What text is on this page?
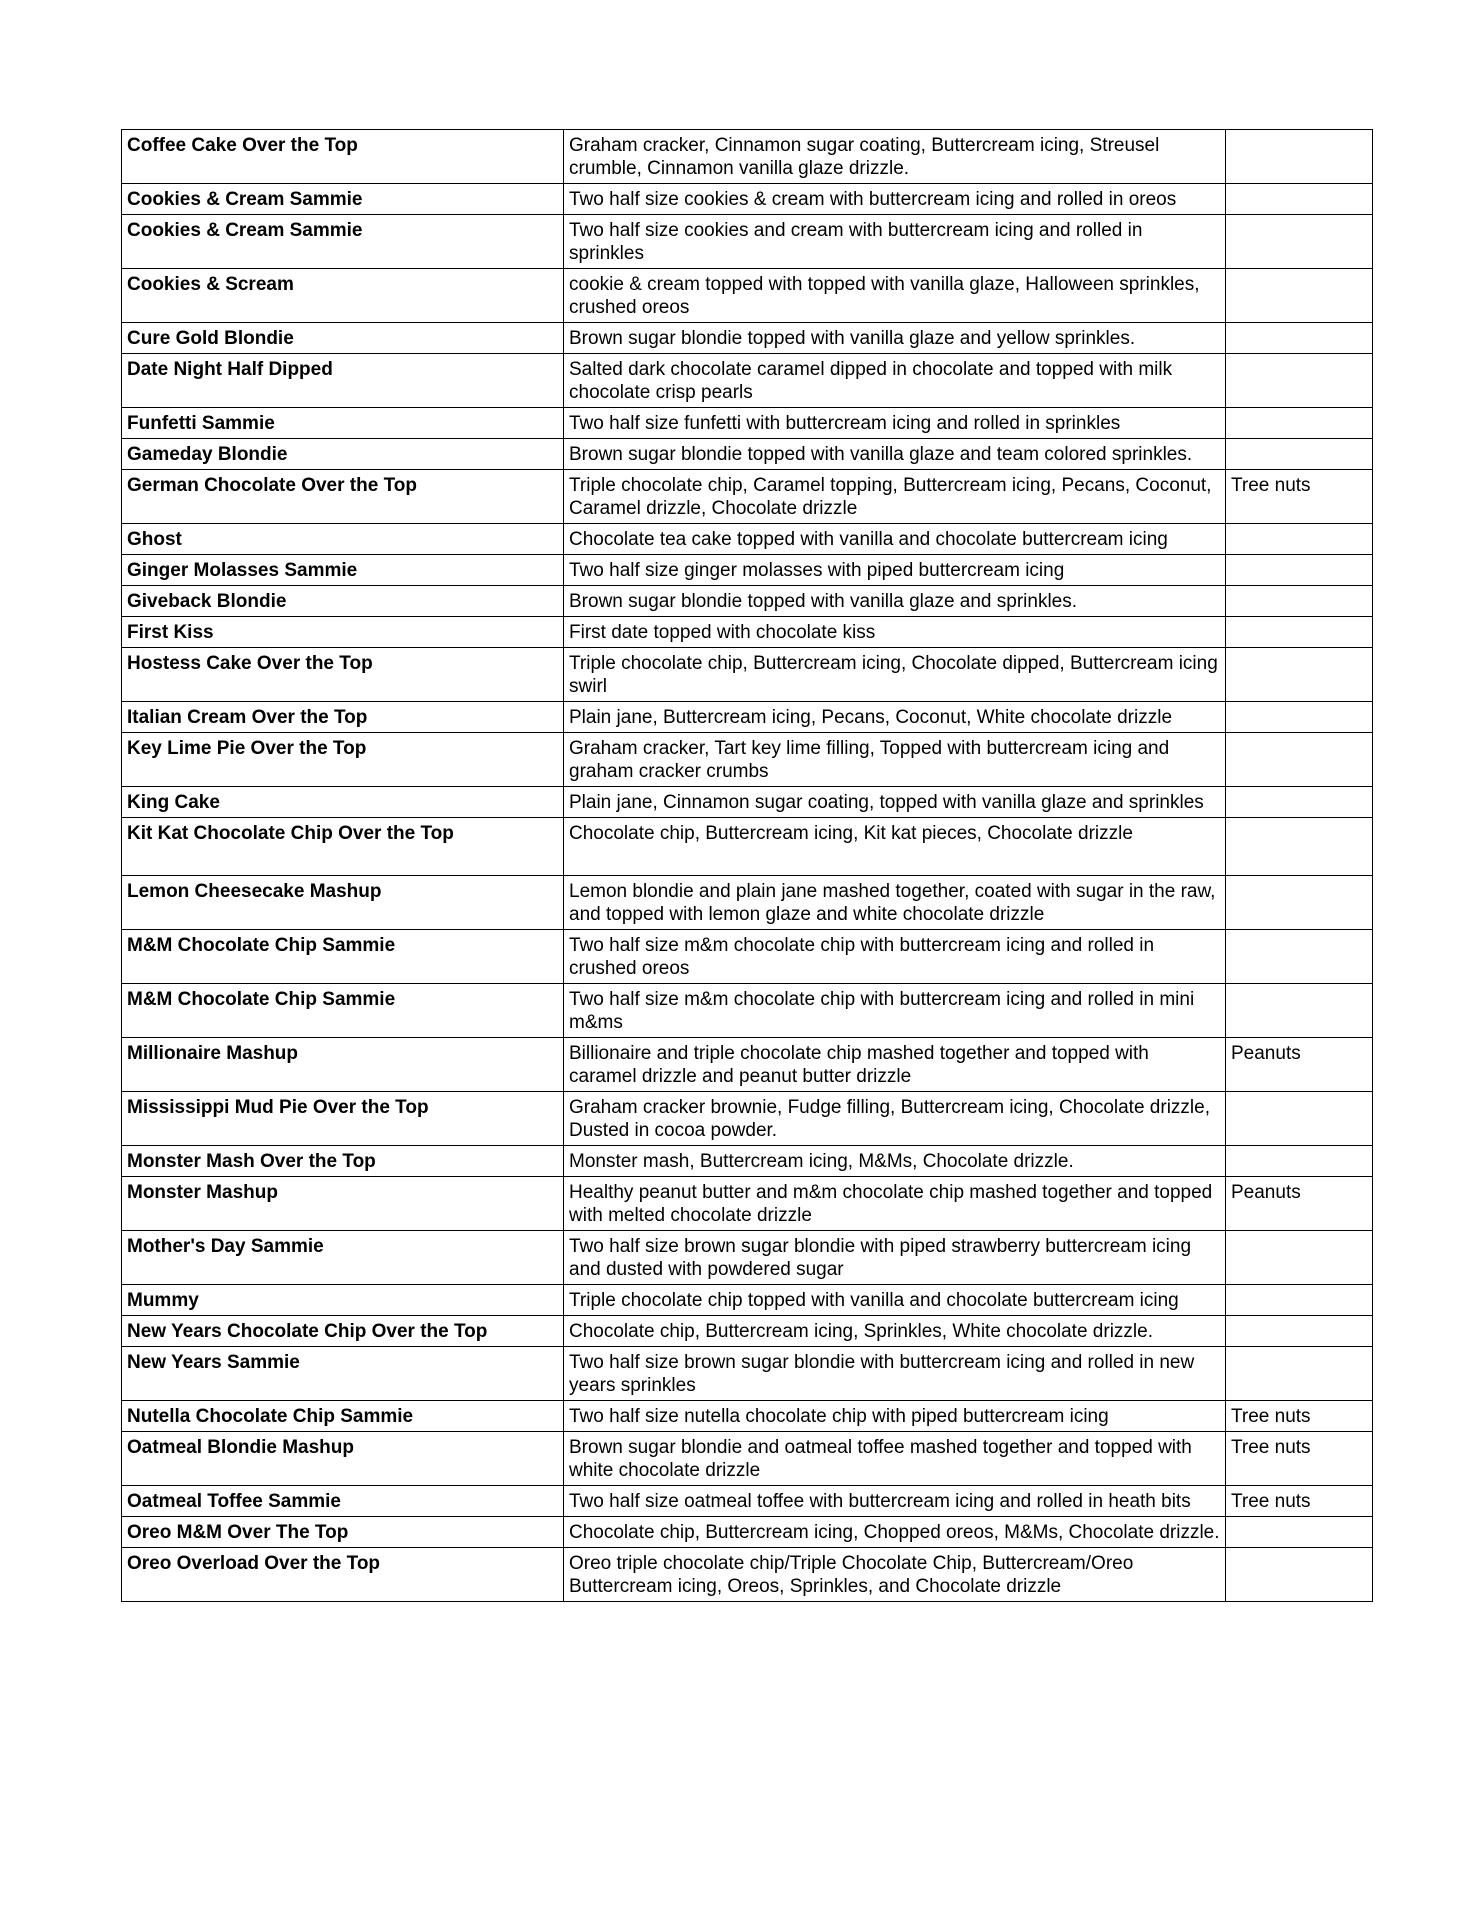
Coffee Cake Over the Top	Graham cracker, Cinnamon sugar coating, Buttercream icing, Streusel crumble, Cinnamon vanilla glaze drizzle.	
Cookies & Cream Sammie	Two half size cookies & cream with buttercream icing and rolled in oreos	
Cookies & Cream Sammie	Two half size cookies and cream with buttercream icing and rolled in sprinkles	
Cookies & Scream	cookie & cream topped with topped with vanilla glaze, Halloween sprinkles, crushed oreos	
Cure Gold Blondie	Brown sugar blondie topped with vanilla glaze and yellow sprinkles.	
Date Night Half Dipped	Salted dark chocolate caramel dipped in chocolate and topped with milk chocolate crisp pearls	
Funfetti Sammie	Two half size funfetti with buttercream icing and rolled in sprinkles	
Gameday Blondie	Brown sugar blondie topped with vanilla glaze and team colored sprinkles.	
German Chocolate Over the Top	Triple chocolate chip, Caramel topping, Buttercream icing, Pecans, Coconut, Caramel drizzle, Chocolate drizzle	Tree nuts
Ghost	Chocolate tea cake topped with vanilla and chocolate buttercream icing	
Ginger Molasses Sammie	Two half size ginger molasses with piped buttercream icing	
Giveback Blondie	Brown sugar blondie topped with vanilla glaze and sprinkles.	
First Kiss	First date topped with chocolate kiss	
Hostess Cake Over the Top	Triple chocolate chip, Buttercream icing, Chocolate dipped, Buttercream icing swirl	
Italian Cream Over the Top	Plain jane, Buttercream icing, Pecans, Coconut, White chocolate drizzle	
Key Lime Pie Over the Top	Graham cracker, Tart key lime filling, Topped with buttercream icing and graham cracker crumbs	
King Cake	Plain jane, Cinnamon sugar coating, topped with vanilla glaze and sprinkles	
Kit Kat Chocolate Chip Over the Top	Chocolate chip, Buttercream icing, Kit kat pieces, Chocolate drizzle	
Lemon Cheesecake Mashup	Lemon blondie and plain jane mashed together, coated with sugar in the raw, and topped with lemon glaze and white chocolate drizzle	
M&M Chocolate Chip Sammie	Two half size m&m chocolate chip with buttercream icing and rolled in crushed oreos	
M&M Chocolate Chip Sammie	Two half size m&m chocolate chip with buttercream icing and rolled in mini m&ms	
Millionaire Mashup	Billionaire and triple chocolate chip mashed together and topped with caramel drizzle and peanut butter drizzle	Peanuts
Mississippi Mud Pie Over the Top	Graham cracker brownie, Fudge filling, Buttercream icing, Chocolate drizzle, Dusted in cocoa powder.	
Monster Mash Over the Top	Monster mash, Buttercream icing, M&Ms, Chocolate drizzle.	
Monster Mashup	Healthy peanut butter and m&m chocolate chip mashed together and topped with melted chocolate drizzle	Peanuts
Mother's Day Sammie	Two half size brown sugar blondie with piped strawberry buttercream icing and dusted with powdered sugar	
Mummy	Triple chocolate chip topped with vanilla and chocolate buttercream icing	
New Years Chocolate Chip Over the Top	Chocolate chip, Buttercream icing, Sprinkles, White chocolate drizzle.	
New Years Sammie	Two half size brown sugar blondie with buttercream icing and rolled in new years sprinkles	
Nutella Chocolate Chip Sammie	Two half size nutella chocolate chip with piped buttercream icing	Tree nuts
Oatmeal Blondie Mashup	Brown sugar blondie and oatmeal toffee mashed together and topped with white chocolate drizzle	Tree nuts
Oatmeal Toffee Sammie	Two half size oatmeal toffee with buttercream icing and rolled in heath bits	Tree nuts
Oreo M&M Over The Top	Chocolate chip, Buttercream icing, Chopped oreos, M&Ms, Chocolate drizzle.	
Oreo Overload Over the Top	Oreo triple chocolate chip/Triple Chocolate Chip, Buttercream/Oreo Buttercream icing, Oreos, Sprinkles, and Chocolate drizzle	
